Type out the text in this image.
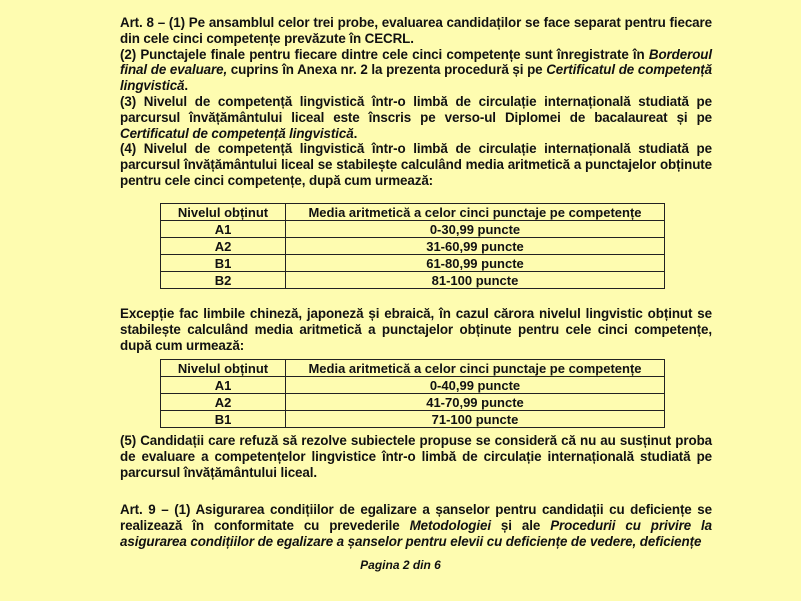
Art. 8 – (1) Pe ansamblul celor trei probe, evaluarea candidaților se face separat pentru fiecare din cele cinci competențe prevăzute în CECRL.

(2) Punctajele finale pentru fiecare dintre cele cinci competențe sunt înregistrate în Borderoul final de evaluare, cuprins în Anexa nr. 2 la prezenta procedură și pe Certificatul de competență lingvistică.

(3) Nivelul de competență lingvistică într-o limbă de circulație internațională studiată pe parcursul învățământului liceal este înscris pe verso-ul Diplomei de bacalaureat și pe Certificatul de competență lingvistică.

(4) Nivelul de competență lingvistică într-o limbă de circulație internațională studiată pe parcursul învățământului liceal se stabilește calculând media aritmetică a punctajelor obținute pentru cele cinci competențe, după cum urmează:

Nivelul obținut	Media aritmetică a celor cinci punctaje pe competențe
A1	0-30,99 puncte
A2	31-60,99 puncte
B1	61-80,99 puncte
B2	81-100 puncte

Excepție fac limbile chineză, japoneză și ebraică, în cazul cărora nivelul lingvistic obținut se stabilește calculând media aritmetică a punctajelor obținute pentru cele cinci competențe, după cum urmează:

Nivelul obținut	Media aritmetică a celor cinci punctaje pe competențe
A1	0-40,99 puncte
A2	41-70,99 puncte
B1	71-100 puncte

(5) Candidații care refuză să rezolve subiectele propuse se consideră că nu au susținut proba de evaluare a competențelor lingvistice într-o limbă de circulație internațională studiată pe parcursul învățământului liceal.

Art. 9 – (1) Asigurarea condițiilor de egalizare a șanselor pentru candidații cu deficiențe se realizează în conformitate cu prevederile Metodologiei și ale Procedurii cu privire la asigurarea condițiilor de egalizare a șanselor pentru elevii cu deficiențe de vedere, deficiențe

Pagina 2 din 6
